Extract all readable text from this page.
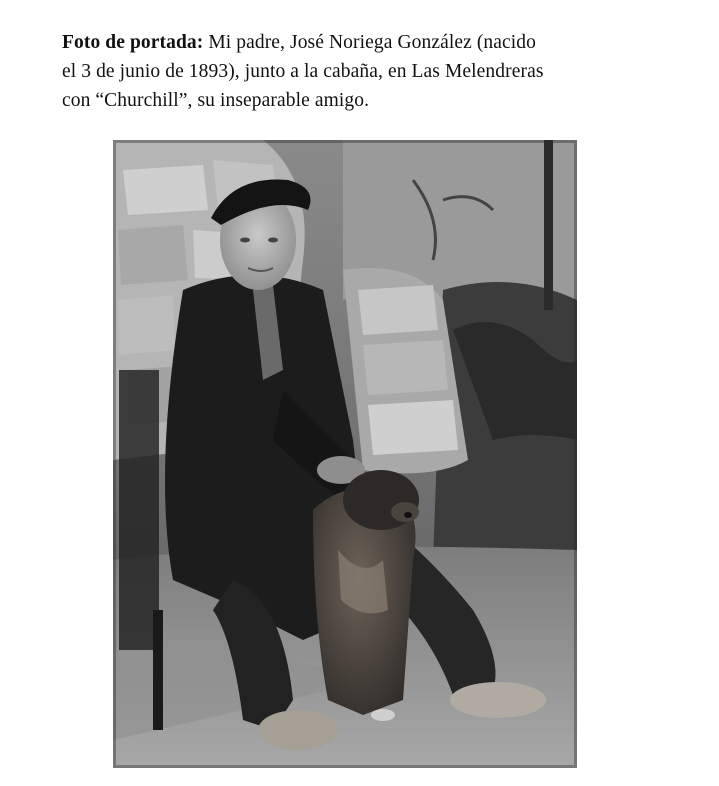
Foto de portada: Mi padre, José Noriega González (nacido
el 3 de junio de 1893), junto a la cabaña, en Las Melendreras
con “Churchill”, su inseparable amigo.
